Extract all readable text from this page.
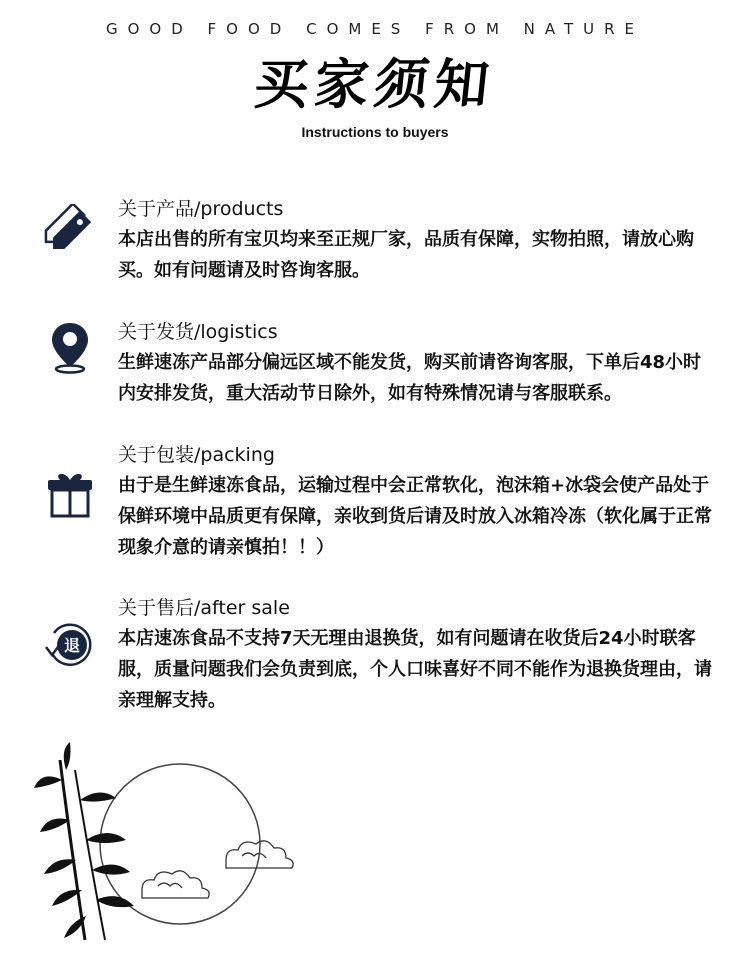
GOOD FOOD COMES FROM NATURE
买家须知
Instructions to buyers
关于产品/products
本店出售的所有宝贝均来至正规厂家，品质有保障，实物拍照，请放心购买。如有问题请及时咨询客服。
关于发货/logistics
生鲜速冻产品部分偏远区域不能发货，购买前请咨询客服，下单后48小时内安排发货，重大活动节日除外，如有特殊情况请与客服联系。
关于包装/packing
由于是生鲜速冻食品，运输过程中会正常软化，泡沫箱+冰袋会使产品处于保鲜环境中品质更有保障，亲收到货后请及时放入冰箱冷冻（软化属于正常现象介意的请亲慎拍！！）
退
关于售后/after sale
本店速冻食品不支持7天无理由退换货，如有问题请在收货后24小时联客服，质量问题我们会负责到底，个人口味喜好不同不能作为退换货理由，请亲理解支持。
